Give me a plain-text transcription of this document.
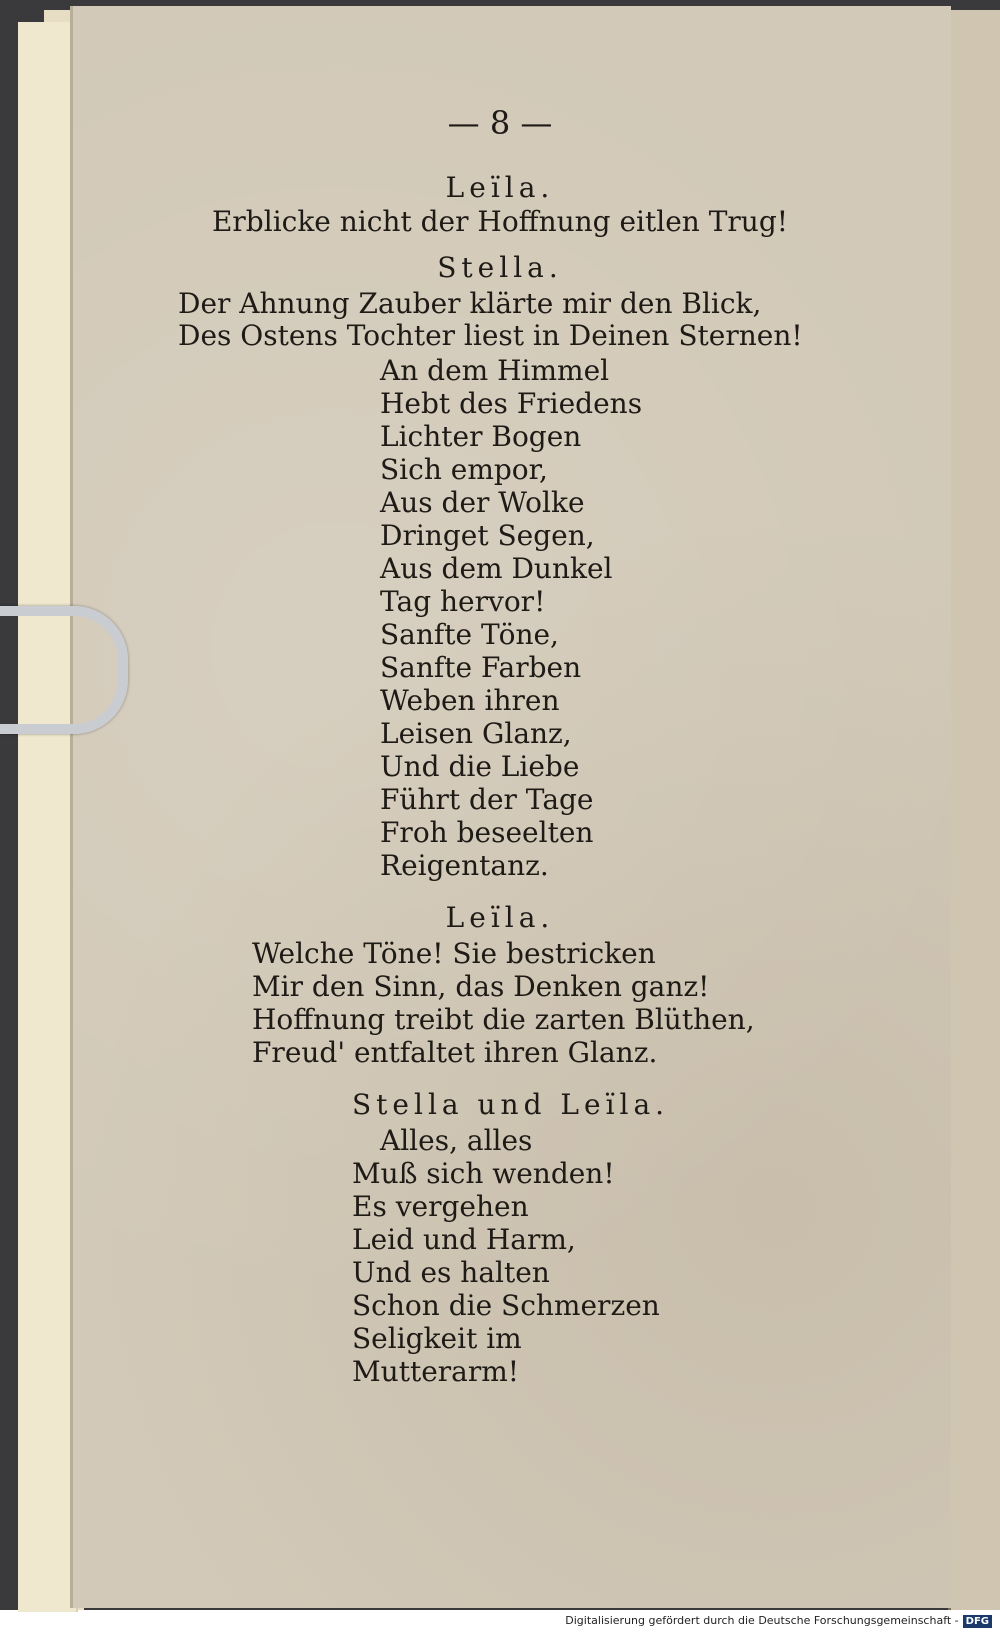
— 8 —
Leïla.
Erblicke nicht der Hoffnung eitlen Trug!
Stella.
Der Ahnung Zauber klärte mir den Blick,
Des Ostens Tochter liest in Deinen Sternen!
An dem Himmel
Hebt des Friedens
Lichter Bogen
Sich empor,
Aus der Wolke
Dringet Segen,
Aus dem Dunkel
Tag hervor!
Sanfte Töne,
Sanfte Farben
Weben ihren
Leisen Glanz,
Und die Liebe
Führt der Tage
Froh beseelten
Reigentanz.
Leïla.
Welche Töne! Sie bestricken
Mir den Sinn, das Denken ganz!
Hoffnung treibt die zarten Blüthen,
Freud' entfaltet ihren Glanz.
Stella und Leïla.
Alles, alles
Muß sich wenden!
Es vergehen
Leid und Harm,
Und es halten
Schon die Schmerzen
Seligkeit im
Mutterarm!
Digitalisierung gefördert durch die Deutsche Forschungsgemeinschaft - DFG
